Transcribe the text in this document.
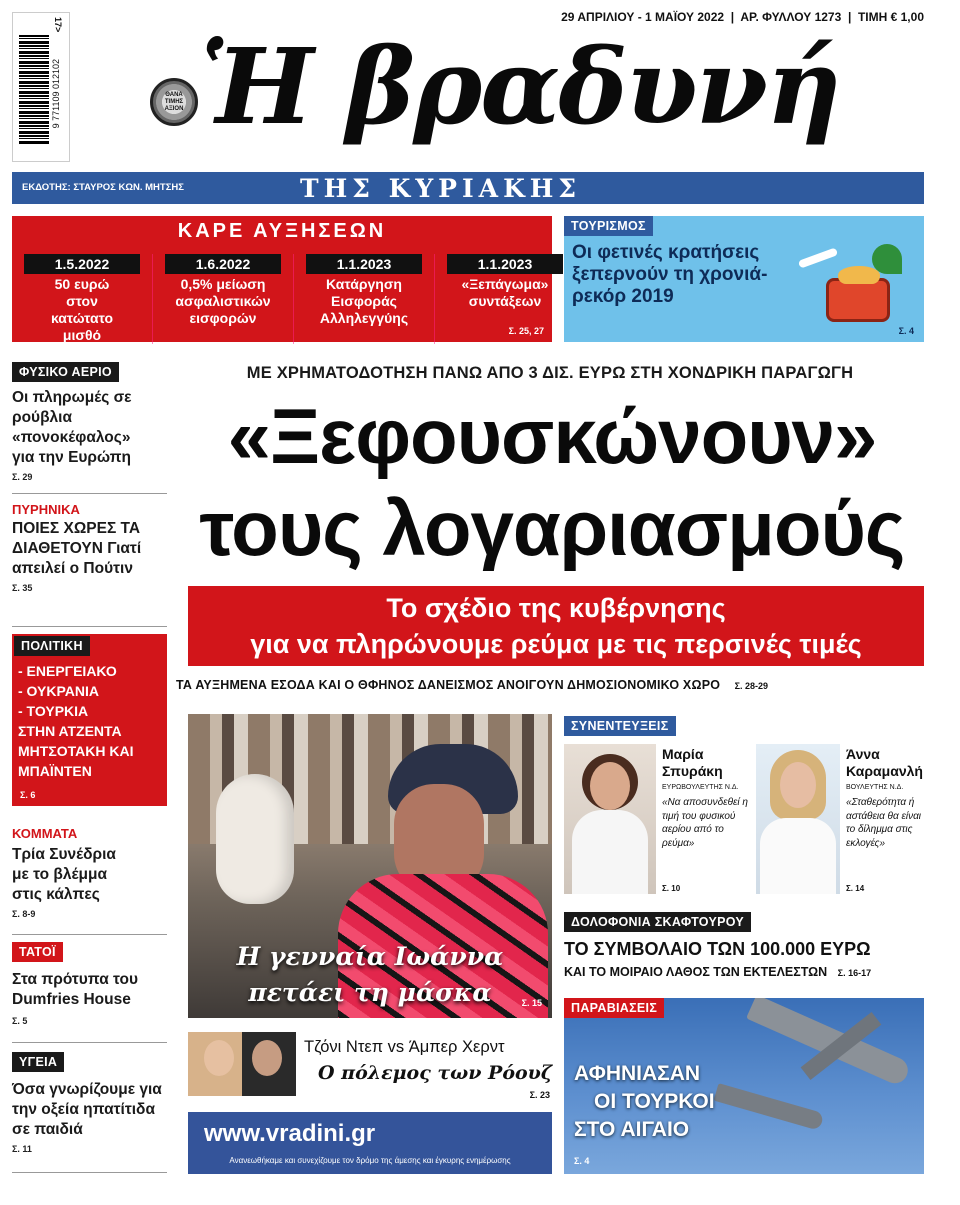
29 ΑΠΡΙΛΙΟΥ - 1 ΜΑΪΟΥ 2022  |  ΑΡ. ΦΥΛΛΟΥ 1273  |  ΤΙΜΗ € 1,00
17>
9 771109 012102	ΘΑΝΑ ΤΙΜΗΣ ΑΞΙΟΝ Ἡ βραδυνή
ΕΚΔΟΤΗΣ: ΣΤΑΥΡΟΣ ΚΩΝ. ΜΗΤΣΗΣ	ΤΗΣ ΚΥΡΙΑΚΗΣ
ΚΑΡΕ ΑΥΞΗΣΕΩΝ
1.5.2022
50 ευρώ στον κατώτατο μισθό
1.6.2022
0,5% μείωση ασφαλιστικών εισφορών
1.1.2023
Κατάργηση Εισφοράς Αλληλεγγύης
1.1.2023
«Ξεπάγωμα» συντάξεων
Σ. 25, 27
ΤΟΥΡΙΣΜΟΣ
Οι φετινές κρατήσεις ξεπερνούν τη χρονιά-ρεκόρ 2019
Σ. 4
ΦΥΣΙΚΟ ΑΕΡΙΟ
Οι πληρωμές σε ρούβλια «πονοκέφαλος» για την Ευρώπη
Σ. 29
ΠΥΡΗΝΙΚΑ
ΠΟΙΕΣ ΧΩΡΕΣ ΤΑ ΔΙΑΘΕΤΟΥΝ Γιατί απειλεί ο Πούτιν
Σ. 35
ΠΟΛΙΤΙΚΗ
- ΕΝΕΡΓΕΙΑΚΟ
- ΟΥΚΡΑΝΙΑ
- ΤΟΥΡΚΙΑ
ΣΤΗΝ ΑΤΖΕΝΤΑ
ΜΗΤΣΟΤΑΚΗ ΚΑΙ
ΜΠΑΪΝΤΕΝ
Σ. 6
ΚΟΜΜΑΤΑ
Τρία Συνέδρια με το βλέμμα στις κάλπες
Σ. 8-9
ΤΑΤΟΪ
Στα πρότυπα του Dumfries House
Σ. 5
ΥΓΕΙΑ
Όσα γνωρίζουμε για την οξεία ηπατίτιδα σε παιδιά
Σ. 11
ΜΕ ΧΡΗΜΑΤΟΔΟΤΗΣΗ ΠΑΝΩ ΑΠΟ 3 ΔΙΣ. ΕΥΡΩ ΣΤΗ ΧΟΝΔΡΙΚΗ ΠΑΡΑΓΩΓΗ
«Ξεφουσκώνουν»
τους λογαριασμούς
Το σχέδιο της κυβέρνησης
για να πληρώνουμε ρεύμα με τις περσινές τιμές
ΤΑ ΑΥΞΗΜΕΝΑ ΕΣΟΔΑ ΚΑΙ Ο ΘΦΗΝΟΣ ΔΑΝΕΙΣΜΟΣ ΑΝΟΙΓΟΥΝ ΔΗΜΟΣΙΟΝΟΜΙΚΟ ΧΩΡΟ Σ. 28-29
Η γενναία Ιωάννα
πετάει τη μάσκα	Σ. 15
Τζόνι Ντεπ vs Άμπερ Χερντ
Ο πόλεμος των Ρόουζ
Σ. 23
www.vradini.gr
Ανανεωθήκαμε και συνεχίζουμε τον δρόμο της άμεσης και έγκυρης ενημέρωσης
ΣΥΝΕΝΤΕΥΞΕΙΣ
Μαρία Σπυράκη
ΕΥΡΩΒΟΥΛΕΥΤΗΣ Ν.Δ.
«Να αποσυνδεθεί η τιμή του φυσικού αερίου από το ρεύμα»
Σ. 10
Άννα Καραμανλή
ΒΟΥΛΕΥΤΗΣ Ν.Δ.
«Σταθερότητα ή αστάθεια θα είναι το δίλημμα στις εκλογές»
Σ. 14
ΔΟΛΟΦΟΝΙΑ ΣΚΑΦΤΟΥΡΟΥ
ΤΟ ΣΥΜΒΟΛΑΙΟ ΤΩΝ 100.000 ΕΥΡΩ
ΚΑΙ ΤΟ ΜΟΙΡΑΙΟ ΛΑΘΟΣ ΤΩΝ ΕΚΤΕΛΕΣΤΩΝ Σ. 16-17
ΠΑΡΑΒΙΑΣΕΙΣ
ΑΦΗΝΙΑΣΑΝ
ΟΙ ΤΟΥΡΚΟΙ
ΣΤΟ ΑΙΓΑΙΟ
Σ. 4
